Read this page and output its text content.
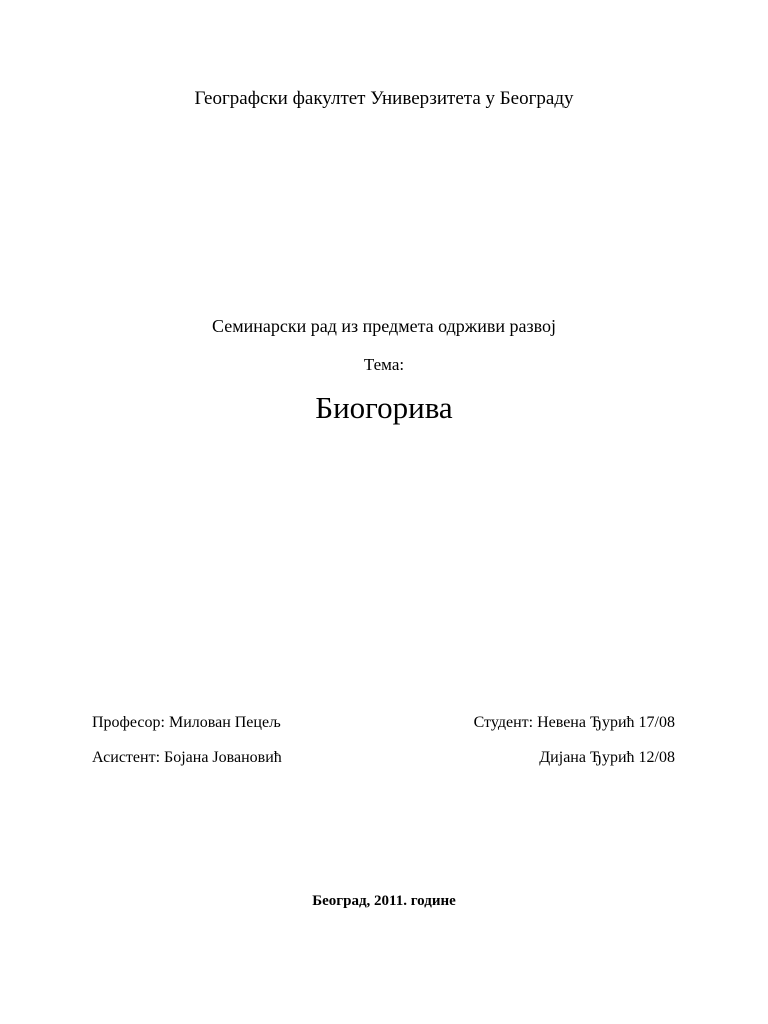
Географски факултет Универзитета у Београду
Семинарски рад из предмета одрживи развој
Тема:
Биогорива
Професор: Милован Пецељ	Студент: Невена Ђурић 17/08
Асистент: Бојана Јовановић	Дијана Ђурић 12/08
Београд, 2011. године
